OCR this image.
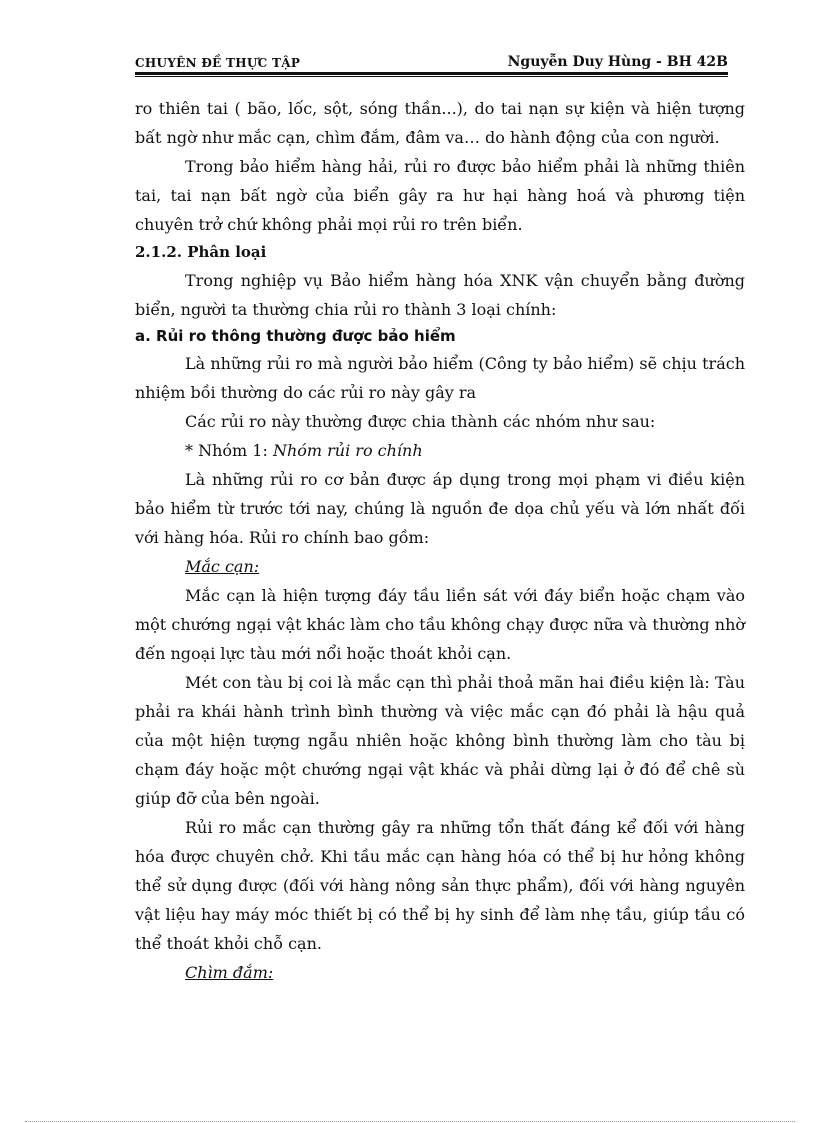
CHUYÊN ĐỀ THỰC TẬP	Nguyễn Duy Hùng - BH 42B

ro thiên tai ( bão, lốc, sột, sóng thần...), do tai nạn sự kiện và hiện tượng bất ngờ như mắc cạn, chìm đắm, đâm va… do hành động của con người.

Trong bảo hiểm hàng hải, rủi ro được bảo hiểm phải là những thiên tai, tai nạn bất ngờ của biển gây ra hư hại hàng hoá và phương tiện chuyên trở chứ không phải mọi rủi ro trên biển.

2.1.2. Phân loại

Trong nghiệp vụ Bảo hiểm hàng hóa XNK vận chuyển bằng đường biển, người ta thường chia rủi ro thành 3 loại chính:

a. Rủi ro thông thường được bảo hiểm

Là những rủi ro mà người bảo hiểm (Công ty bảo hiểm) sẽ chịu trách nhiệm bồi thường do các rủi ro này gây ra

Các rủi ro này thường được chia thành các nhóm như sau:

* Nhóm 1: Nhóm rủi ro chính

Là những rủi ro cơ bản được áp dụng trong mọi phạm vi điều kiện bảo hiểm từ trước tới nay, chúng là nguồn đe dọa chủ yếu và lớn nhất đối với hàng hóa. Rủi ro chính bao gồm:

Mắc cạn:

Mắc cạn là hiện tượng đáy tầu liền sát với đáy biển hoặc chạm vào một chướng ngại vật khác làm cho tầu không chạy được nữa và thường nhờ đến ngoại lực tàu mới nổi hoặc thoát khỏi cạn.

Mét con tàu bị coi là mắc cạn thì phải thoả mãn hai điều kiện là: Tàu phải ra khái hành trình bình thường và việc mắc cạn đó phải là hậu quả của một hiện tượng ngẫu nhiên hoặc không bình thường làm cho tàu bị chạm đáy hoặc một chướng ngại vật khác và phải dừng lại ở đó để chê sù giúp đỡ của bên ngoài.

Rủi ro mắc cạn thường gây ra những tổn thất đáng kể đối với hàng hóa được chuyên chở. Khi tầu mắc cạn hàng hóa có thể bị hư hỏng không thể sử dụng được (đối với hàng nông sản thực phẩm), đối với hàng nguyên vật liệu hay máy móc thiết bị có thể bị hy sinh để làm nhẹ tầu, giúp tầu có thể thoát khỏi chỗ cạn.

Chìm đắm:
